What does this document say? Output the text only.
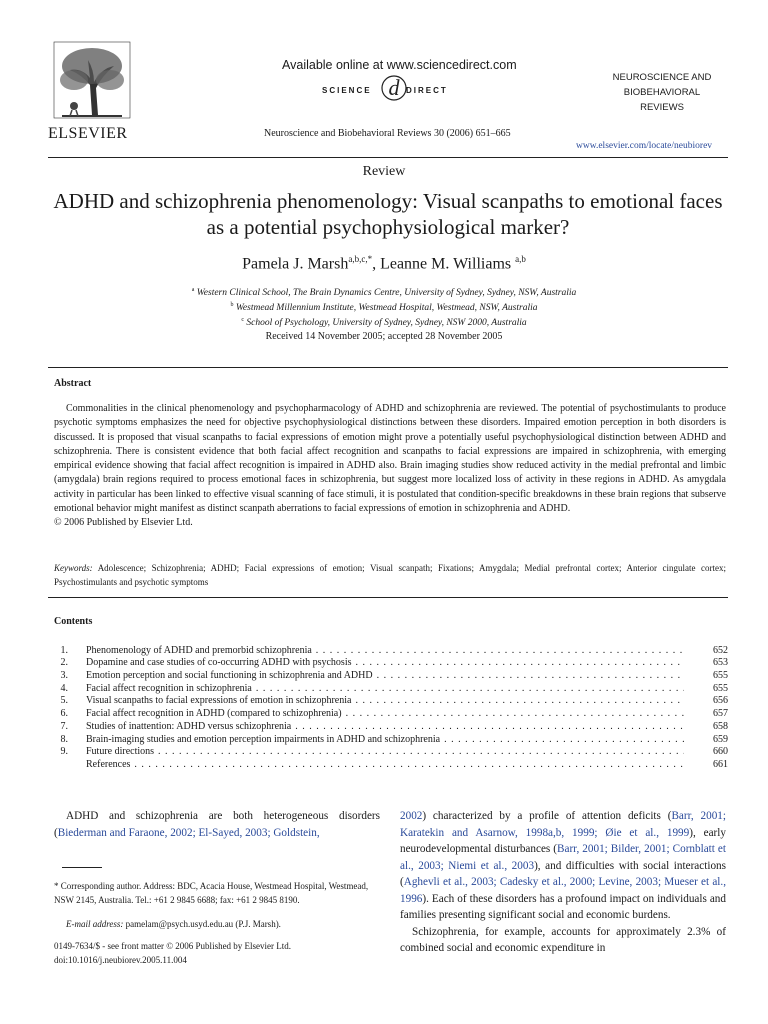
ELSEVIER
Available online at www.sciencedirect.com
SCIENCE d DIRECT
Neuroscience and Biobehavioral Reviews 30 (2006) 651–665
NEUROSCIENCE AND
BIOBEHAVIORAL
REVIEWS
www.elsevier.com/locate/neubiorev
Review
ADHD and schizophrenia phenomenology: Visual scanpaths to emotional faces as a potential psychophysiological marker?
Pamela J. Marsh$^{a,b,c,*}$, Leanne M. Williams $^{a,b}$
$^a$ Western Clinical School, The Brain Dynamics Centre, University of Sydney, Sydney, NSW, Australia
$^b$ Westmead Millennium Institute, Westmead Hospital, Westmead, NSW, Australia
$^c$ School of Psychology, University of Sydney, Sydney, NSW 2000, Australia
Received 14 November 2005; accepted 28 November 2005
Abstract
Commonalities in the clinical phenomenology and psychopharmacology of ADHD and schizophrenia are reviewed. The potential of psychostimulants to produce psychotic symptoms emphasizes the need for objective psychophysiological distinctions between these disorders. Impaired emotion perception in both disorders is discussed. It is proposed that visual scanpaths to facial expressions of emotion might prove a potentially useful psychophysiological distinction between ADHD and schizophrenia. There is consistent evidence that both facial affect recognition and scanpaths to facial expressions are impaired in schizophrenia, with emerging empirical evidence showing that facial affect recognition is impaired in ADHD also. Brain imaging studies show reduced activity in the medial prefrontal and limbic (amygdala) brain regions required to process emotional faces in schizophrenia, but suggest more localized loss of activity in these regions in ADHD. As amygdala activity in particular has been linked to effective visual scanning of face stimuli, it is postulated that condition-specific breakdowns in these brain regions that subserve emotional behavior might manifest as distinct scanpath aberrations to facial expressions of emotion in schizophrenia and ADHD.
© 2006 Published by Elsevier Ltd.
Keywords: Adolescence; Schizophrenia; ADHD; Facial expressions of emotion; Visual scanpath; Fixations; Amygdala; Medial prefrontal cortex; Anterior cingulate cortex; Psychostimulants and psychotic symptoms
Contents
1. Phenomenology of ADHD and premorbid schizophrenia . . .	652
2. Dopamine and case studies of co-occurring ADHD with psychosis . . .	653
3. Emotion perception and social functioning in schizophrenia and ADHD . . .	655
4. Facial affect recognition in schizophrenia . . .	655
5. Visual scanpaths to facial expressions of emotion in schizophrenia . . .	656
6. Facial affect recognition in ADHD (compared to schizophrenia) . . .	657
7. Studies of inattention: ADHD versus schizophrenia . . .	658
8. Brain-imaging studies and emotion perception impairments in ADHD and schizophrenia . . .	659
9. Future directions . . .	660
References . . .	661
ADHD and schizophrenia are both heterogeneous disorders (Biederman and Faraone, 2002; El-Sayed, 2003; Goldstein,
* Corresponding author. Address: BDC, Acacia House, Westmead Hospital, Westmead, NSW 2145, Australia. Tel.: +61 2 9845 6688; fax: +61 2 9845 8190.
E-mail address: pamelam@psych.usyd.edu.au (P.J. Marsh).
0149-7634/$ - see front matter © 2006 Published by Elsevier Ltd.
doi:10.1016/j.neubiorev.2005.11.004
2002) characterized by a profile of attention deficits (Barr, 2001; Karatekin and Asarnow, 1998a,b, 1999; Øie et al., 1999), early neurodevelopmental disturbances (Barr, 2001; Bilder, 2001; Cornblatt et al., 2003; Niemi et al., 2003), and difficulties with social interactions (Aghevli et al., 2003; Cadesky et al., 2000; Levine, 2003; Mueser et al., 1996). Each of these disorders has a profound impact on individuals and families presenting significant social and economic burdens.
Schizophrenia, for example, accounts for approximately 2.3% of combined social and economic expenditure in
